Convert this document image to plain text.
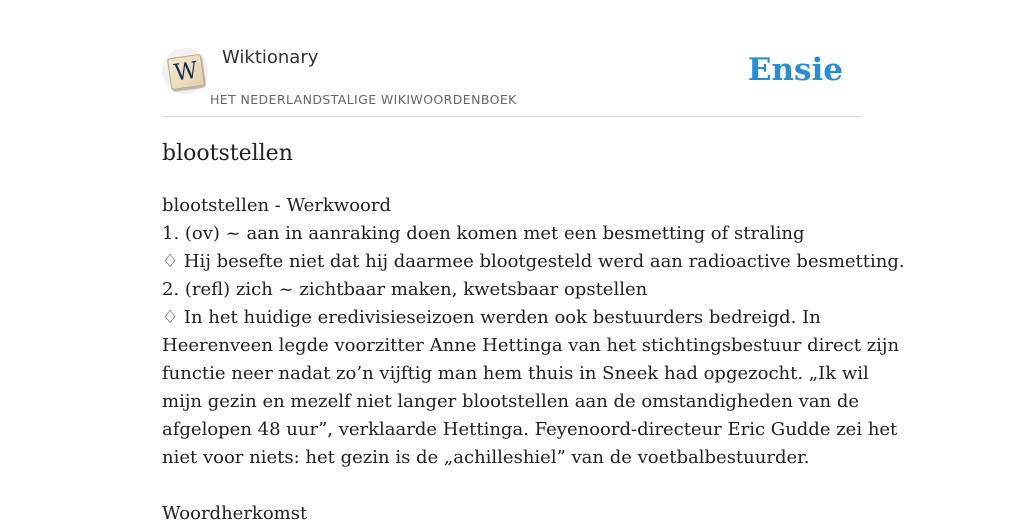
W	Wiktionary
HET NEDERLANDSTALIGE WIKIWOORDENBOEK
Ensie
blootstellen
blootstellen - Werkwoord
1. (ov) ~ aan in aanraking doen komen met een besmetting of straling
♢ Hij besefte niet dat hij daarmee blootgesteld werd aan radioactive besmetting.
2. (refl) zich ~ zichtbaar maken, kwetsbaar opstellen
♢ In het huidige eredivisieseizoen werden ook bestuurders bedreigd. In
Heerenveen legde voorzitter Anne Hettinga van het stichtingsbestuur direct zijn
functie neer nadat zo’n vijftig man hem thuis in Sneek had opgezocht. „Ik wil
mijn gezin en mezelf niet langer blootstellen aan de omstandigheden van de
afgelopen 48 uur”, verklaarde Hettinga. Feyenoord-directeur Eric Gudde zei het
niet voor niets: het gezin is de „achilleshiel” van de voetbalbestuurder.
Woordherkomst
